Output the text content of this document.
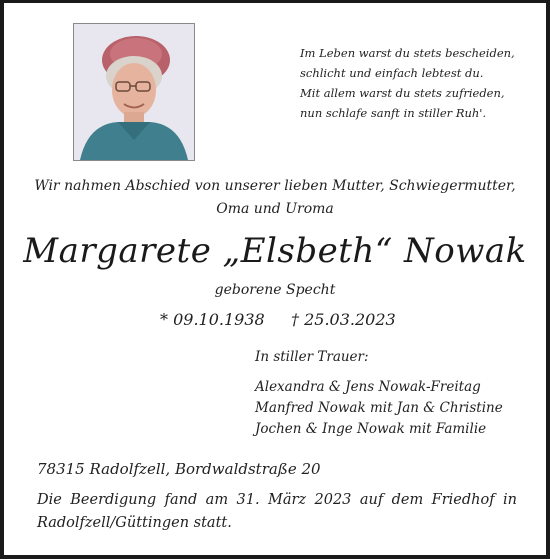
Im Leben warst du stets bescheiden,
schlicht und einfach lebtest du.
Mit allem warst du stets zufrieden,
nun schlafe sanft in stiller Ruh'.
Wir nahmen Abschied von unserer lieben Mutter, Schwiegermutter,
Oma und Uroma
Margarete „Elsbeth“ Nowak
geborene Specht
* 09.10.1938 † 25.03.2023
In stiller Trauer:
Alexandra & Jens Nowak-Freitag
Manfred Nowak mit Jan & Christine
Jochen & Inge Nowak mit Familie
78315 Radolfzell, Bordwaldstraße 20
Die Beerdigung fand am 31. März 2023 auf dem Friedhof in Radolfzell/Güttingen statt.
